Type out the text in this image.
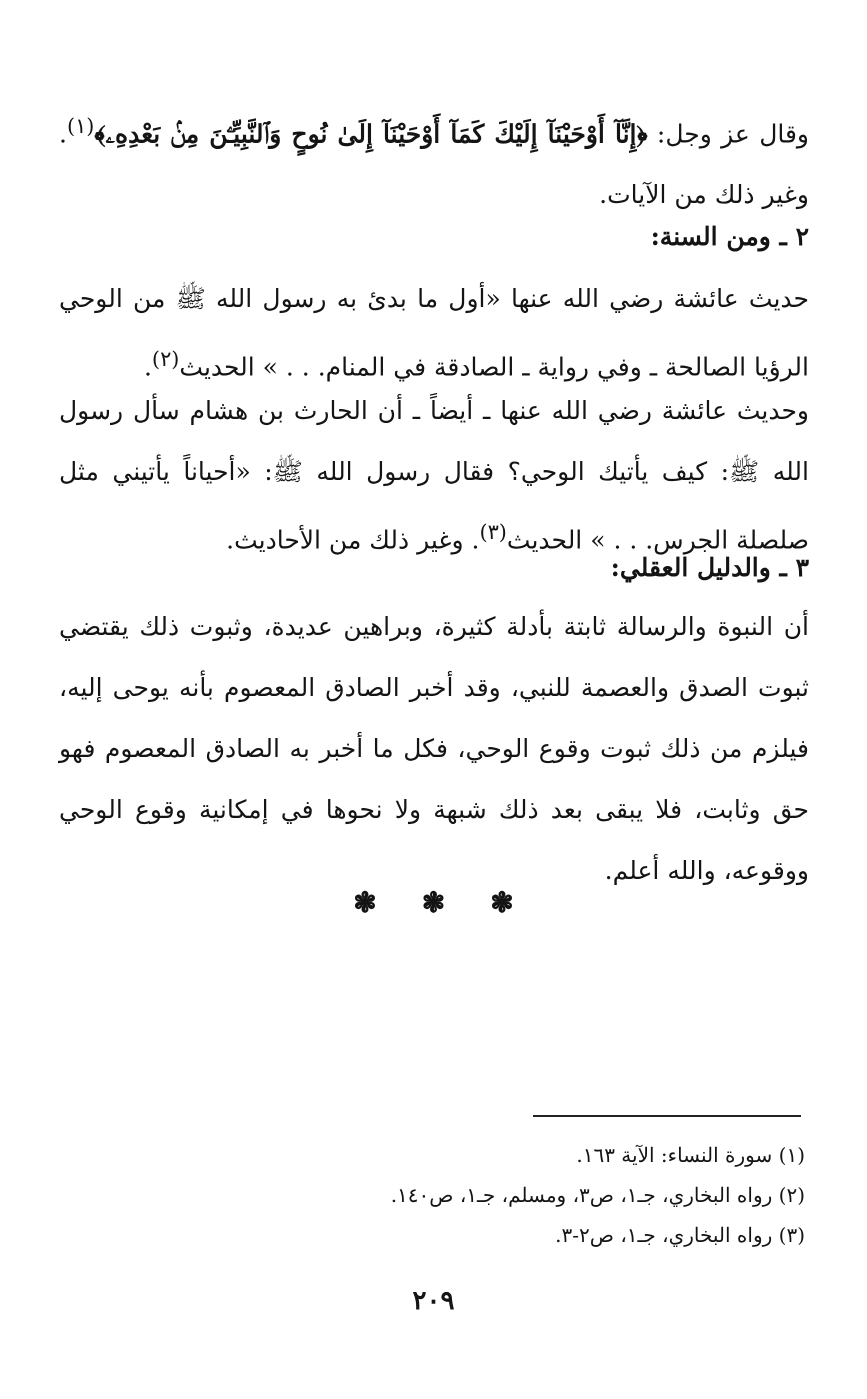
وقال عز وجل: ﴿إِنَّآ أَوْحَيْنَآ إِلَيْكَ كَمَآ أَوْحَيْنَآ إِلَىٰ نُوحٍ وَٱلنَّبِيِّـۧنَ مِنۢ بَعْدِهِۦ﴾$^{(١)}$. وغير ذلك من الآيات.

٢ ـ ومن السنة:

حديث عائشة رضي الله عنها «أول ما بدئ به رسول الله ﷺ من الوحي الرؤيا الصالحة ـ وفي رواية ـ الصادقة في المنام. . . » الحديث$^{(٢)}$.

وحديث عائشة رضي الله عنها ـ أيضاً ـ أن الحارث بن هشام سأل رسول الله ﷺ: كيف يأتيك الوحي؟ فقال رسول الله ﷺ: «أحياناً يأتيني مثل صلصلة الجرس. . . » الحديث$^{(٣)}$. وغير ذلك من الأحاديث.

٣ ـ والدليل العقلي:

أن النبوة والرسالة ثابتة بأدلة كثيرة، وبراهين عديدة، وثبوت ذلك يقتضي ثبوت الصدق والعصمة للنبي، وقد أخبر الصادق المعصوم بأنه يوحى إليه، فيلزم من ذلك ثبوت وقوع الوحي، فكل ما أخبر به الصادق المعصوم فهو حق وثابت، فلا يبقى بعد ذلك شبهة ولا نحوها في إمكانية وقوع الوحي ووقوعه، والله أعلم.

❃ ❃ ❃

(١) سورة النساء: الآية ١٦٣.

(٢) رواه البخاري، جـ١، ص٣، ومسلم، جـ١، ص١٤٠.

(٣) رواه البخاري، جـ١، ص٢-٣.

٢٠٩
